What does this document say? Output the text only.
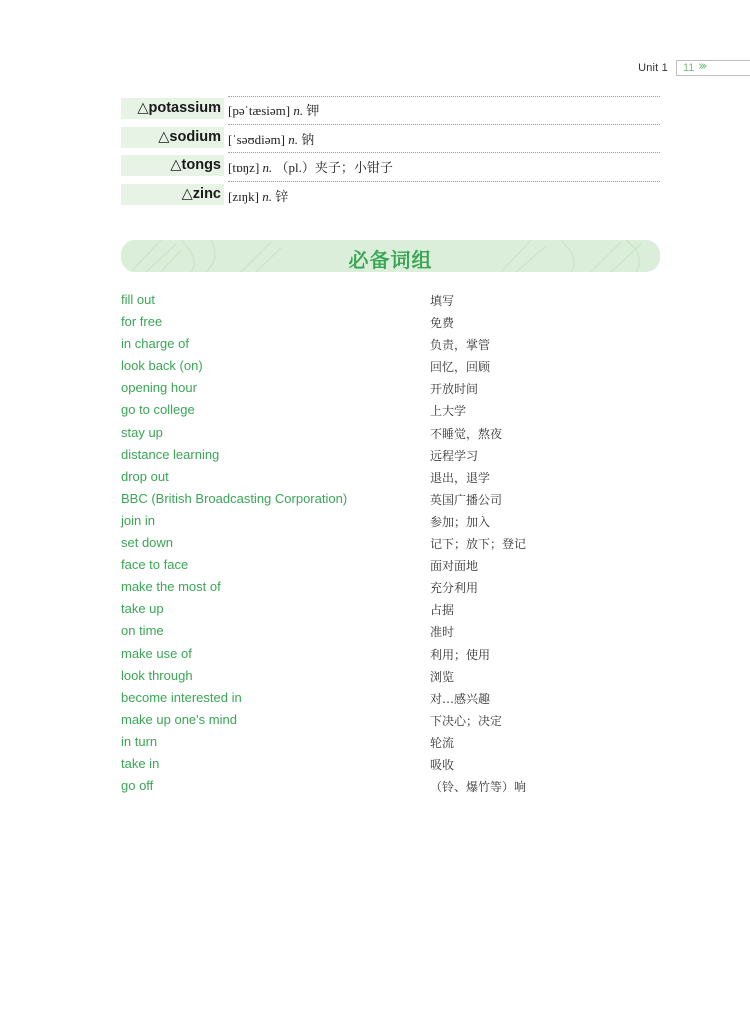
Unit 1 11 ›››
△potassium [pəˈtæsiəm] n. 钾
△sodium [ˈsəʊdiəm] n. 钠
△tongs [tɒŋz] n. （pl.）夹子；小钳子
△zinc [zɪŋk] n. 锌
必备词组
fill out	填写
for free	免费
in charge of	负责，掌管
look back (on)	回忆，回顾
opening hour	开放时间
go to college	上大学
stay up	不睡觉，熬夜
distance learning	远程学习
drop out	退出，退学
BBC (British Broadcasting Corporation)	英国广播公司
join in	参加；加入
set down	记下；放下；登记
face to face	面对面地
make the most of	充分利用
take up	占据
on time	准时
make use of	利用；使用
look through	浏览
become interested in	对…感兴趣
make up one's mind	下决心；决定
in turn	轮流
take in	吸收
go off	（铃、爆竹等）响
